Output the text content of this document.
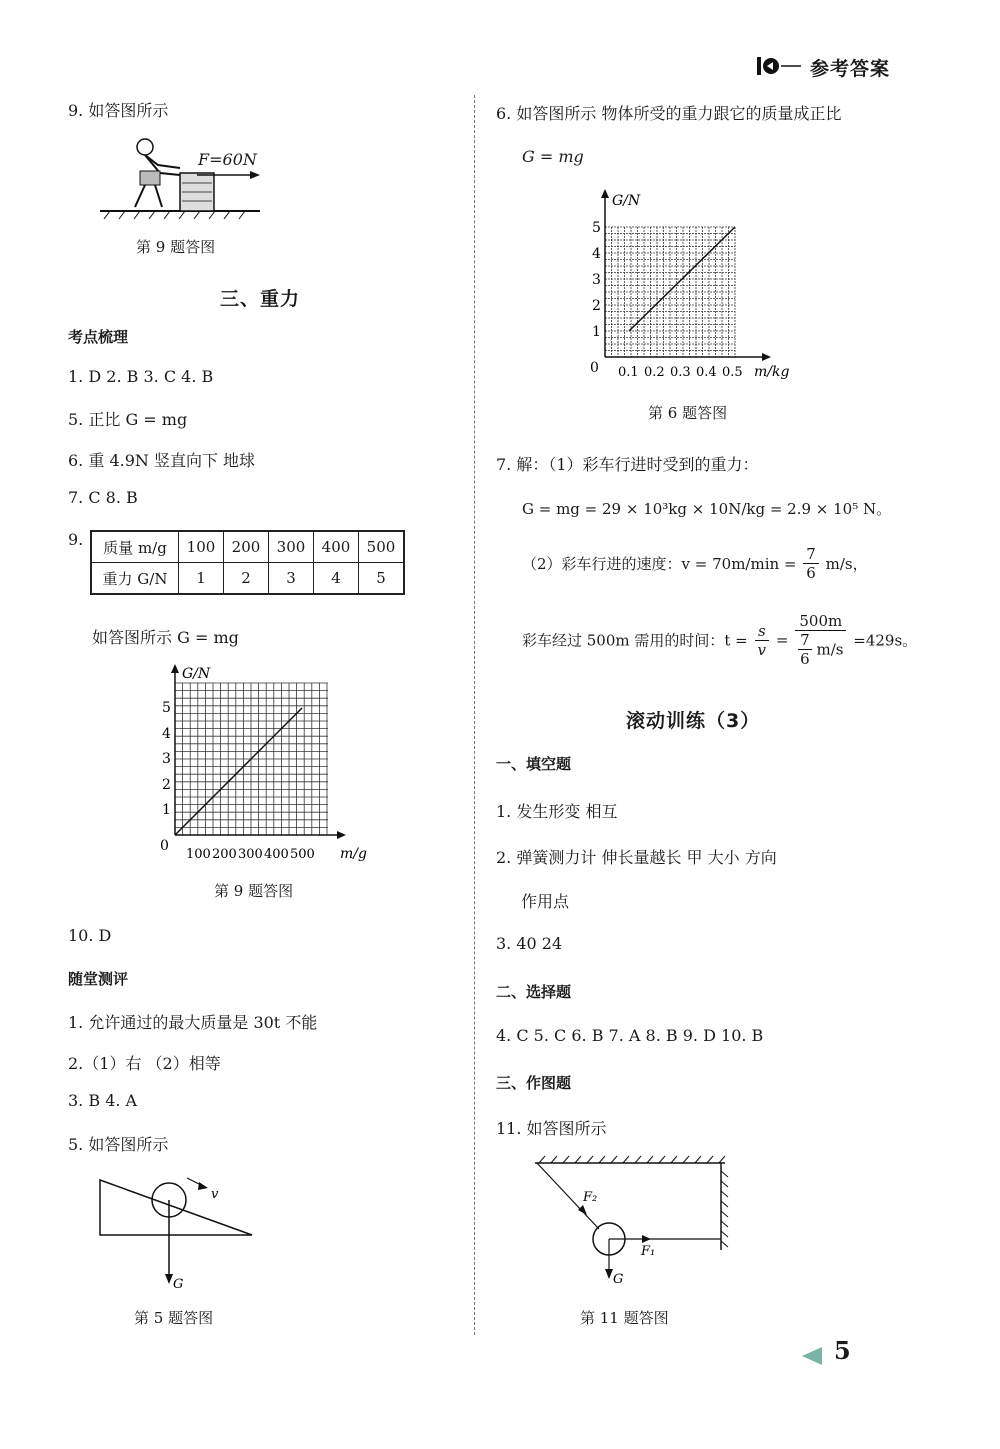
参考答案
9. 如答图所示
F=60N
第 9 题答图
三、重力
考点梳理
1. D 2. B 3. C 4. B
5. 正比 G = mg
6. 重 4.9N 竖直向下 地球
7. C 8. B
9. 质量 m/g	100	200	300	400	500
重力 G/N	1	2	3	4	5
如答图所示 G = mg
G/N
m/g
0
100 200 300 400 500
1
2
3
4
5
第 9 题答图
10. D
随堂测评
1. 允许通过的最大质量是 30t 不能
2.（1）右 （2）相等
3. B 4. A
5. 如答图所示
v
G
第 5 题答图
6. 如答图所示 物体所受的重力跟它的质量成正比
G = mg
G/N
m/kg
0 0.1 0.2 0.3 0.4 0.5
1
2
3
4
5
第 6 题答图
7. 解：（1）彩车行进时受到的重力：
G = mg = 29 × 10³kg × 10N/kg = 2.9 × 10⁵ N。
（2）彩车行进的速度：$v = 70m/\min = \frac{7}{6} m/s$，
彩车经过 500m 需用的时间：$t = \frac{s}{v} = \frac{500m}{\frac{7}{6} m/s} =429s$。
滚动训练（3）
一、填空题
1. 发生形变 相互
2. 弹簧测力计 伸长量越长 甲 大小 方向
作用点
3. 40 24
二、选择题
4. C 5. C 6. B 7. A 8. B 9. D 10. B
三、作图题
11. 如答图所示
F₂
F₁
G
第 11 题答图
5
